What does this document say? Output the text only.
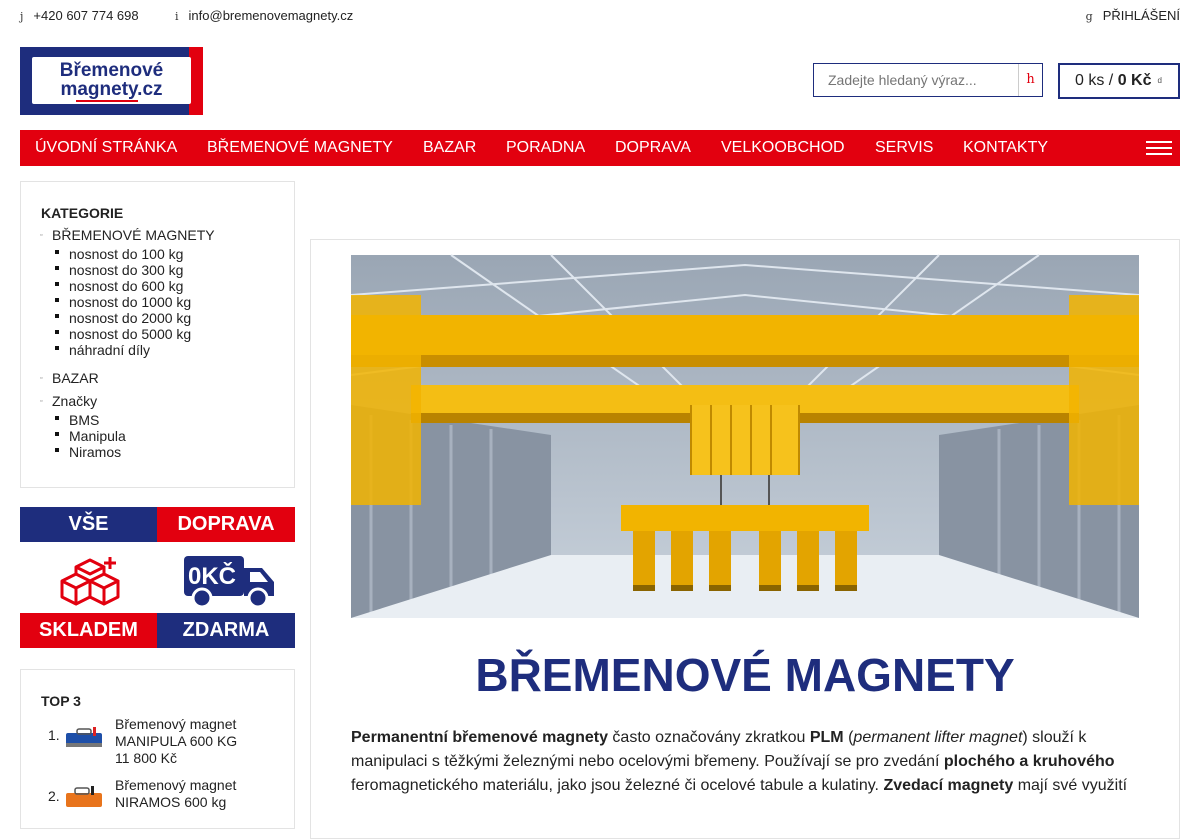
j +420 607 774 698	i info@bremenovemagnety.cz	g PŘIHLÁŠENÍ
Břemenové
magnety.cz
Zadejte hledaný výraz...	h	0 ks / 0 Kč d
ÚVODNÍ STRÁNKA BŘEMENOVÉ MAGNETY BAZAR PORADNA DOPRAVA VELKOOBCHOD SERVIS KONTAKTY
KATEGORIE
▫ BŘEMENOVÉ MAGNETY
nosnost do 100 kg
nosnost do 300 kg
nosnost do 600 kg
nosnost do 1000 kg
nosnost do 2000 kg
nosnost do 5000 kg
náhradní díly
▫ BAZAR
▫ Značky
BMS
Manipula
Niramos
VŠE	DOPRAVA
0KČ
SKLADEM	ZDARMA
TOP 3
1.
Břemenový magnet MANIPULA 600 KG
11 800 Kč
2.
Břemenový magnet NIRAMOS 600 kg
BŘEMENOVÉ MAGNETY
Permanentní břemenové magnety často označovány zkratkou PLM (permanent lifter magnet) slouží k manipulaci s těžkými železnými nebo ocelovými břemeny. Používají se pro zvedání plochého a kruhového feromagnetického materiálu, jako jsou železné či ocelové tabule a kulatiny. Zvedací magnety mají své využití
